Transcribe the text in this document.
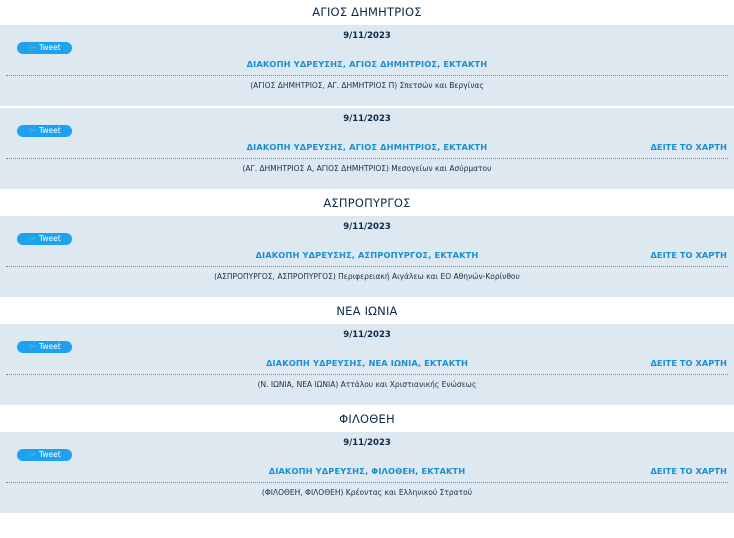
ΑΓΙΟΣ ΔΗΜΗΤΡΙΟΣ
9/11/2023
🐦 Tweet
ΔΙΑΚΟΠΗ ΥΔΡΕΥΣΗΣ, ΑΓΙΟΣ ΔΗΜΗΤΡΙΟΣ, ΕΚΤΑΚΤΗ
(ΑΓΙΟΣ ΔΗΜΗΤΡΙΟΣ, ΑΓ. ΔΗΜΗΤΡΙΟΣ Π) Σπετσών και Βεργίνας
9/11/2023
🐦 Tweet
ΔΙΑΚΟΠΗ ΥΔΡΕΥΣΗΣ, ΑΓΙΟΣ ΔΗΜΗΤΡΙΟΣ, ΕΚΤΑΚΤΗ	ΔΕΙΤΕ ΤΟ ΧΑΡΤΗ
(ΑΓ. ΔΗΜΗΤΡΙΟΣ Α, ΑΓΙΟΣ ΔΗΜΗΤΡΙΟΣ) Μεσογείων και Ασύρματου
ΑΣΠΡΟΠΥΡΓΟΣ
9/11/2023
🐦 Tweet
ΔΙΑΚΟΠΗ ΥΔΡΕΥΣΗΣ, ΑΣΠΡΟΠΥΡΓΟΣ, ΕΚΤΑΚΤΗ	ΔΕΙΤΕ ΤΟ ΧΑΡΤΗ
(ΑΣΠΡΟΠΥΡΓΟΣ, ΑΣΠΡΟΠΥΡΓΟΣ) Περιφερειακή Αιγάλεω και ΕΟ Αθηνών-Κορίνθου
ΝΕΑ ΙΩΝΙΑ
9/11/2023
🐦 Tweet
ΔΙΑΚΟΠΗ ΥΔΡΕΥΣΗΣ, ΝΕΑ ΙΩΝΙΑ, ΕΚΤΑΚΤΗ	ΔΕΙΤΕ ΤΟ ΧΑΡΤΗ
(Ν. ΙΩΝΙΑ, ΝΕΑ ΙΩΝΙΑ) Αττάλου και Χριστιανικής Ενώσεως
ΦΙΛΟΘΕΗ
9/11/2023
🐦 Tweet
ΔΙΑΚΟΠΗ ΥΔΡΕΥΣΗΣ, ΦΙΛΟΘΕΗ, ΕΚΤΑΚΤΗ	ΔΕΙΤΕ ΤΟ ΧΑΡΤΗ
(ΦΙΛΟΘΕΗ, ΦΙΛΟΘΕΗ) Κρέοντας και Ελληνικού Στρατού
